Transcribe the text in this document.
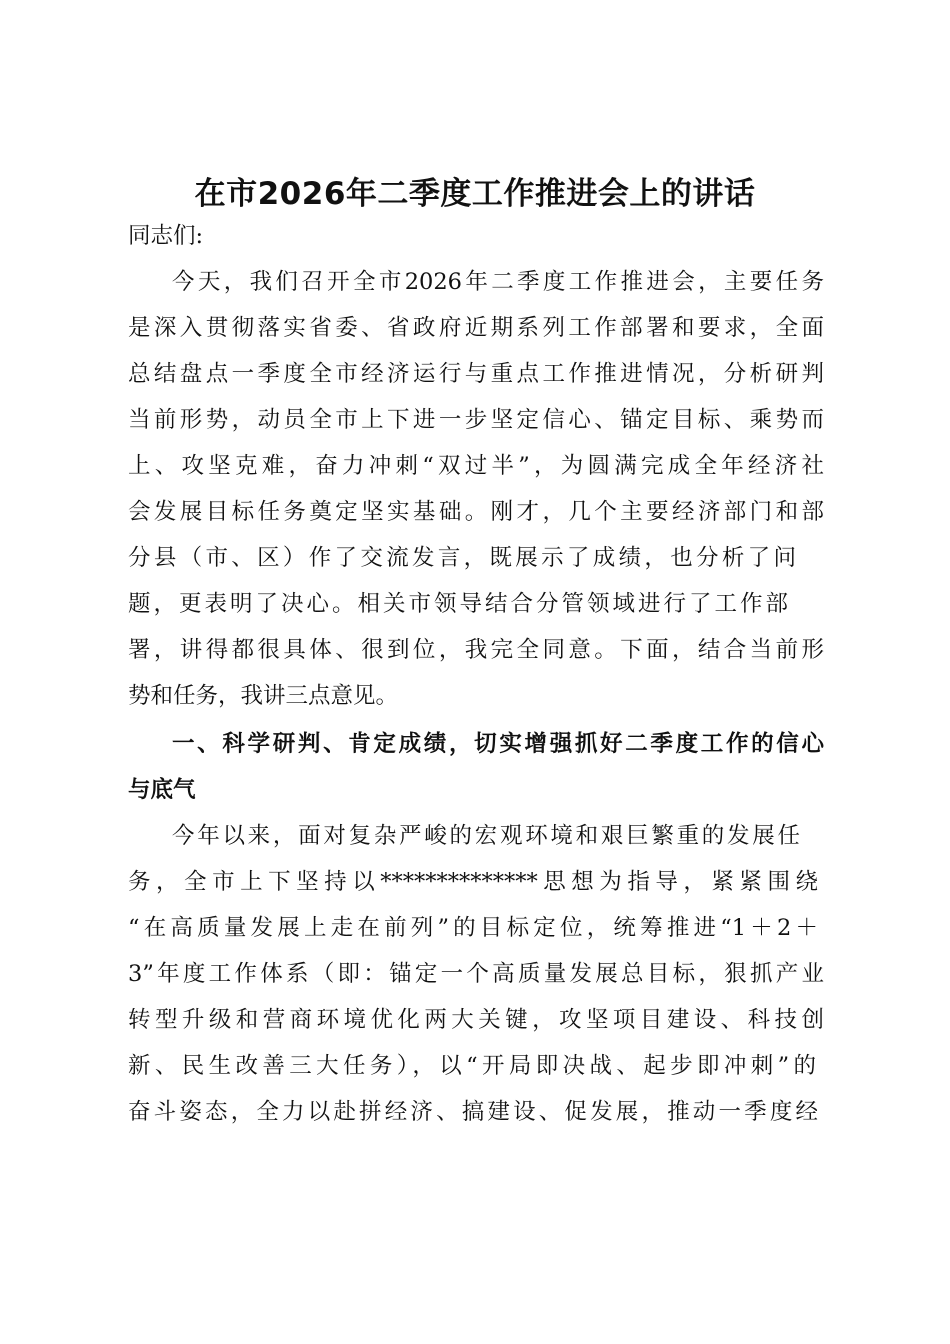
在市2026年二季度工作推进会上的讲话
同志们:
今天，我们召开全市2026年二季度工作推进会，主要任务
是深入贯彻落实省委、省政府近期系列工作部署和要求，全面
总结盘点一季度全市经济运行与重点工作推进情况，分析研判
当前形势，动员全市上下进一步坚定信心、锚定目标、乘势而
上、攻坚克难，奋力冲刺“双过半”，为圆满完成全年经济社
会发展目标任务奠定坚实基础。刚才，几个主要经济部门和部
分县（市、区）作了交流发言，既展示了成绩，也分析了问
题，更表明了决心。相关市领导结合分管领域进行了工作部
署，讲得都很具体、很到位，我完全同意。下面，结合当前形
势和任务，我讲三点意见。
一、科学研判、肯定成绩，切实增强抓好二季度工作的信心
与底气
今年以来，面对复杂严峻的宏观环境和艰巨繁重的发展任
务，全市上下坚持以**************思想为指导，紧紧围绕
“在高质量发展上走在前列”的目标定位，统筹推进“1＋2＋
3”年度工作体系（即：锚定一个高质量发展总目标，狠抓产业
转型升级和营商环境优化两大关键，攻坚项目建设、科技创
新、民生改善三大任务），以“开局即决战、起步即冲刺”的
奋斗姿态，全力以赴拼经济、搞建设、促发展，推动一季度经
